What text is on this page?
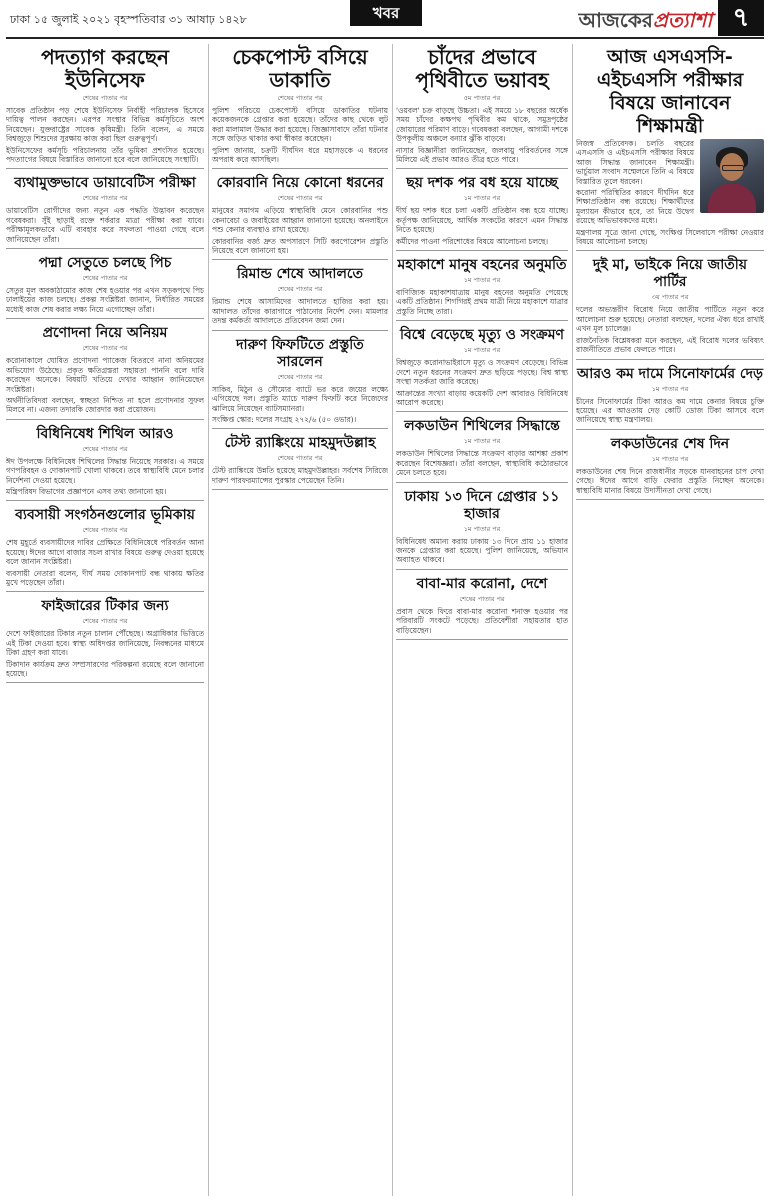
ঢাকা ১৫ জুলাই ২০২১ বৃহস্পতিবার ৩১ আষাঢ় ১৪২৮	খবর	আজকেরপ্রত্যাশা ৭
পদত্যাগ করছেন ইউনিসেফ
শেষের পাতার পর

সাবেক প্রতিষ্ঠান পড় শেষে ইউনিসেফ নির্বাহী পরিচালক হিসেবে দায়িত্ব পালন করছেন। এরপর সংস্থার বিভিন্ন কর্মসূচিতে অংশ নিয়েছেন। যুক্তরাষ্ট্রের সাবেক কৃষিমন্ত্রী। তিনি বলেন, এ সময়ে বিশ্বজুড়ে শিশুদের সুরক্ষায় কাজ করা ছিল গুরুত্বপূর্ণ।

ইউনিসেফের কর্মসূচি পরিচালনায় তাঁর ভূমিকা প্রশংসিত হয়েছে। পদত্যাগের বিষয়ে বিস্তারিত জানানো হবে বলে জানিয়েছে সংস্থাটি।

ব্যথামুক্তভাবে ডায়াবেটিস পরীক্ষা
শেষের পাতার পর

ডায়াবেটিস রোগীদের জন্য নতুন এক পদ্ধতি উদ্ভাবন করেছেন গবেষকরা। সুঁই ছাড়াই রক্তে শর্করার মাত্রা পরীক্ষা করা যাবে। পরীক্ষামূলকভাবে এটি ব্যবহার করে সফলতা পাওয়া গেছে বলে জানিয়েছেন তাঁরা।

পদ্মা সেতুতে চলছে পিচ
শেষের পাতার পর

সেতুর মূল অবকাঠামোর কাজ শেষ হওয়ার পর এখন সড়কপথে পিচ ঢালাইয়ের কাজ চলছে। প্রকল্প সংশ্লিষ্টরা জানান, নির্ধারিত সময়ের মধ্যেই কাজ শেষ করার লক্ষ্য নিয়ে এগোচ্ছেন তাঁরা।

প্রণোদনা নিয়ে অনিয়ম
শেষের পাতার পর

করোনাকালে ঘোষিত প্রণোদনা প্যাকেজ বিতরণে নানা অনিয়মের অভিযোগ উঠেছে। প্রকৃত ক্ষতিগ্রস্তরা সহায়তা পাননি বলে দাবি করেছেন অনেকে। বিষয়টি খতিয়ে দেখার আহ্বান জানিয়েছেন সংশ্লিষ্টরা।

অর্থনীতিবিদরা বলছেন, স্বচ্ছতা নিশ্চিত না হলে প্রণোদনার সুফল মিলবে না। এজন্য তদারকি জোরদার করা প্রয়োজন।

বিধিনিষেধ শিথিল আরও
শেষের পাতার পর

ঈদ উপলক্ষে বিধিনিষেধ শিথিলের সিদ্ধান্ত নিয়েছে সরকার। এ সময়ে গণপরিবহন ও দোকানপাট খোলা থাকবে। তবে স্বাস্থ্যবিধি মেনে চলার নির্দেশনা দেওয়া হয়েছে।

মন্ত্রিপরিষদ বিভাগের প্রজ্ঞাপনে এসব তথ্য জানানো হয়।

ব্যবসায়ী সংগঠনগুলোর ভূমিকায়
শেষের পাতার পর

শেষ মুহূর্তে ব্যবসায়ীদের দাবির প্রেক্ষিতে বিধিনিষেধে পরিবর্তন আনা হয়েছে। ঈদের আগে বাজার সচল রাখার বিষয়ে গুরুত্ব দেওয়া হয়েছে বলে জানান সংশ্লিষ্টরা।

ব্যবসায়ী নেতারা বলেন, দীর্ঘ সময় দোকানপাট বন্ধ থাকায় ক্ষতির মুখে পড়েছেন তাঁরা।

ফাইজারের টিকার জন্য
শেষের পাতার পর

দেশে ফাইজারের টিকার নতুন চালান পৌঁছেছে। অগ্রাধিকার ভিত্তিতে এই টিকা দেওয়া হবে। স্বাস্থ্য অধিদপ্তর জানিয়েছে, নিবন্ধনের মাধ্যমে টিকা গ্রহণ করা যাবে।

টিকাদান কার্যক্রম দ্রুত সম্প্রসারণের পরিকল্পনা রয়েছে বলে জানানো হয়েছে।

চেকপোস্ট বসিয়ে ডাকাতি
শেষের পাতার পর

পুলিশ পরিচয়ে চেকপোস্ট বসিয়ে ডাকাতির ঘটনায় কয়েকজনকে গ্রেপ্তার করা হয়েছে। তাঁদের কাছ থেকে লুট করা মালামাল উদ্ধার করা হয়েছে। জিজ্ঞাসাবাদে তাঁরা ঘটনার সঙ্গে জড়িত থাকার কথা স্বীকার করেছেন।

পুলিশ জানায়, চক্রটি দীর্ঘদিন ধরে মহাসড়কে এ ধরনের অপরাধ করে আসছিল।

কোরবানি নিয়ে কোনো ধরনের
শেষের পাতার পর

মানুষের সমাগম এড়িয়ে স্বাস্থ্যবিধি মেনে কোরবানির পশু কেনাবেচা ও জবাইয়ের আহ্বান জানানো হয়েছে। অনলাইনে পশু কেনার ব্যবস্থাও রাখা হয়েছে।

কোরবানির বর্জ্য দ্রুত অপসারণে সিটি করপোরেশন প্রস্তুতি নিয়েছে বলে জানানো হয়।

রিমান্ড শেষে আদালতে
শেষের পাতার পর

রিমান্ড শেষে আসামিদের আদালতে হাজির করা হয়। আদালত তাঁদের কারাগারে পাঠানোর নির্দেশ দেন। মামলার তদন্ত কর্মকর্তা আদালতে প্রতিবেদন জমা দেন।

দারুণ ফিফটিতে প্রস্তুতি সারলেন
শেষের পাতার পর

সাকিব, মিঠুন ও সৌম্যের ব্যাটে ভর করে জয়ের লক্ষ্যে এগিয়েছে দল। প্রস্তুতি ম্যাচে দারুণ ফিফটি করে নিজেদের ঝালিয়ে নিয়েছেন ব্যাটসম্যানরা।

সংক্ষিপ্ত স্কোর: দলের সংগ্রহ ২৭২/৬ (৫০ ওভার)।

টেস্ট র‌্যাঙ্কিংয়ে মাহমুদউল্লাহ
শেষের পাতার পর

টেস্ট র‌্যাঙ্কিংয়ে উন্নতি হয়েছে মাহমুদউল্লাহর। সর্বশেষ সিরিজে দারুণ পারফরম্যান্সের পুরস্কার পেয়েছেন তিনি।

চাঁদের প্রভাবে পৃথিবীতে ভয়াবহ
৫ম পাতার পর

'ওয়বল' চক্র বাড়ছে উচ্চতা। এই সময়ে ১৮ বছরের অর্ধেক সময় চাঁদের কক্ষপথ পৃথিবীর কম থাকে, সমুদ্রপৃষ্ঠের জোয়ারের পরিমাণ বাড়ে। গবেষকরা বলছেন, আগামী দশকে উপকূলীয় অঞ্চলে বন্যার ঝুঁকি বাড়বে।

নাসার বিজ্ঞানীরা জানিয়েছেন, জলবায়ু পরিবর্তনের সঙ্গে মিলিয়ে এই প্রভাব আরও তীব্র হতে পারে।

ছয় দশক পর বধ হয়ে যাচ্ছে
১ম পাতার পর

দীর্ঘ ছয় দশক ধরে চলা একটি প্রতিষ্ঠান বন্ধ হয়ে যাচ্ছে। কর্তৃপক্ষ জানিয়েছে, আর্থিক সংকটের কারণে এমন সিদ্ধান্ত নিতে হয়েছে।

কর্মীদের পাওনা পরিশোধের বিষয়ে আলোচনা চলছে।

মহাকাশে মানুষ বহনের অনুমতি
১ম পাতার পর

বাণিজ্যিক মহাকাশযাত্রায় মানুষ বহনের অনুমতি পেয়েছে একটি প্রতিষ্ঠান। শিগগিরই প্রথম যাত্রী নিয়ে মহাকাশে যাত্রার প্রস্তুতি নিচ্ছে তারা।

বিশ্বে বেড়েছে মৃত্যু ও সংক্রমণ
১ম পাতার পর

বিশ্বজুড়ে করোনাভাইরাসে মৃত্যু ও সংক্রমণ বেড়েছে। বিভিন্ন দেশে নতুন ধরনের সংক্রমণ দ্রুত ছড়িয়ে পড়ছে। বিশ্ব স্বাস্থ্য সংস্থা সতর্কতা জারি করেছে।

আক্রান্তের সংখ্যা বাড়ায় কয়েকটি দেশ আবারও বিধিনিষেধ আরোপ করেছে।

লকডাউন শিথিলের সিদ্ধান্তে
১ম পাতার পর

লকডাউন শিথিলের সিদ্ধান্তে সংক্রমণ বাড়ার আশঙ্কা প্রকাশ করেছেন বিশেষজ্ঞরা। তাঁরা বলছেন, স্বাস্থ্যবিধি কঠোরভাবে মেনে চলতে হবে।

ঢাকায় ১৩ দিনে গ্রেপ্তার ১১ হাজার
১ম পাতার পর

বিধিনিষেধ অমান্য করায় ঢাকায় ১৩ দিনে প্রায় ১১ হাজার জনকে গ্রেপ্তার করা হয়েছে। পুলিশ জানিয়েছে, অভিযান অব্যাহত থাকবে।

বাবা-মার করোনা, দেশে
শেষের পাতার পর

প্রবাস থেকে ফিরে বাবা-মার করোনা শনাক্ত হওয়ার পর পরিবারটি সংকটে পড়েছে। প্রতিবেশীরা সহায়তার হাত বাড়িয়েছেন।

আজ এসএসসি-এইচএসসি পরীক্ষার বিষয়ে জানাবেন শিক্ষামন্ত্রী

নিজস্ব প্রতিবেদক। চলতি বছরের এসএসসি ও এইচএসসি পরীক্ষার বিষয়ে আজ সিদ্ধান্ত জানাবেন শিক্ষামন্ত্রী। ভার্চুয়াল সংবাদ সম্মেলনে তিনি এ বিষয়ে বিস্তারিত তুলে ধরবেন।

করোনা পরিস্থিতির কারণে দীর্ঘদিন ধরে শিক্ষাপ্রতিষ্ঠান বন্ধ রয়েছে। শিক্ষার্থীদের মূল্যায়ন কীভাবে হবে, তা নিয়ে উদ্বেগ রয়েছে অভিভাবকদের মধ্যে।

মন্ত্রণালয় সূত্রে জানা গেছে, সংক্ষিপ্ত সিলেবাসে পরীক্ষা নেওয়ার বিষয়ে আলোচনা চলছে।

দুই মা, ভাইকে নিয়ে জাতীয় পার্টির
৩য় পাতার পর

দলের অভ্যন্তরীণ বিরোধ নিয়ে জাতীয় পার্টিতে নতুন করে আলোচনা শুরু হয়েছে। নেতারা বলছেন, দলের ঐক্য ধরে রাখাই এখন মূল চ্যালেঞ্জ।

রাজনৈতিক বিশ্লেষকরা মনে করছেন, এই বিরোধ দলের ভবিষ্যৎ রাজনীতিতে প্রভাব ফেলতে পারে।

আরও কম দামে সিনোফার্মের দেড়
১ম পাতার পর

চীনের সিনোফার্মের টিকা আরও কম দামে কেনার বিষয়ে চুক্তি হয়েছে। এর আওতায় দেড় কোটি ডোজ টিকা আসবে বলে জানিয়েছে স্বাস্থ্য মন্ত্রণালয়।

লকডাউনের শেষ দিন
১ম পাতার পর

লকডাউনের শেষ দিনে রাজধানীর সড়কে যানবাহনের চাপ দেখা গেছে। ঈদের আগে বাড়ি ফেরার প্রস্তুতি নিচ্ছেন অনেকে। স্বাস্থ্যবিধি মানার বিষয়ে উদাসীনতা দেখা গেছে।
